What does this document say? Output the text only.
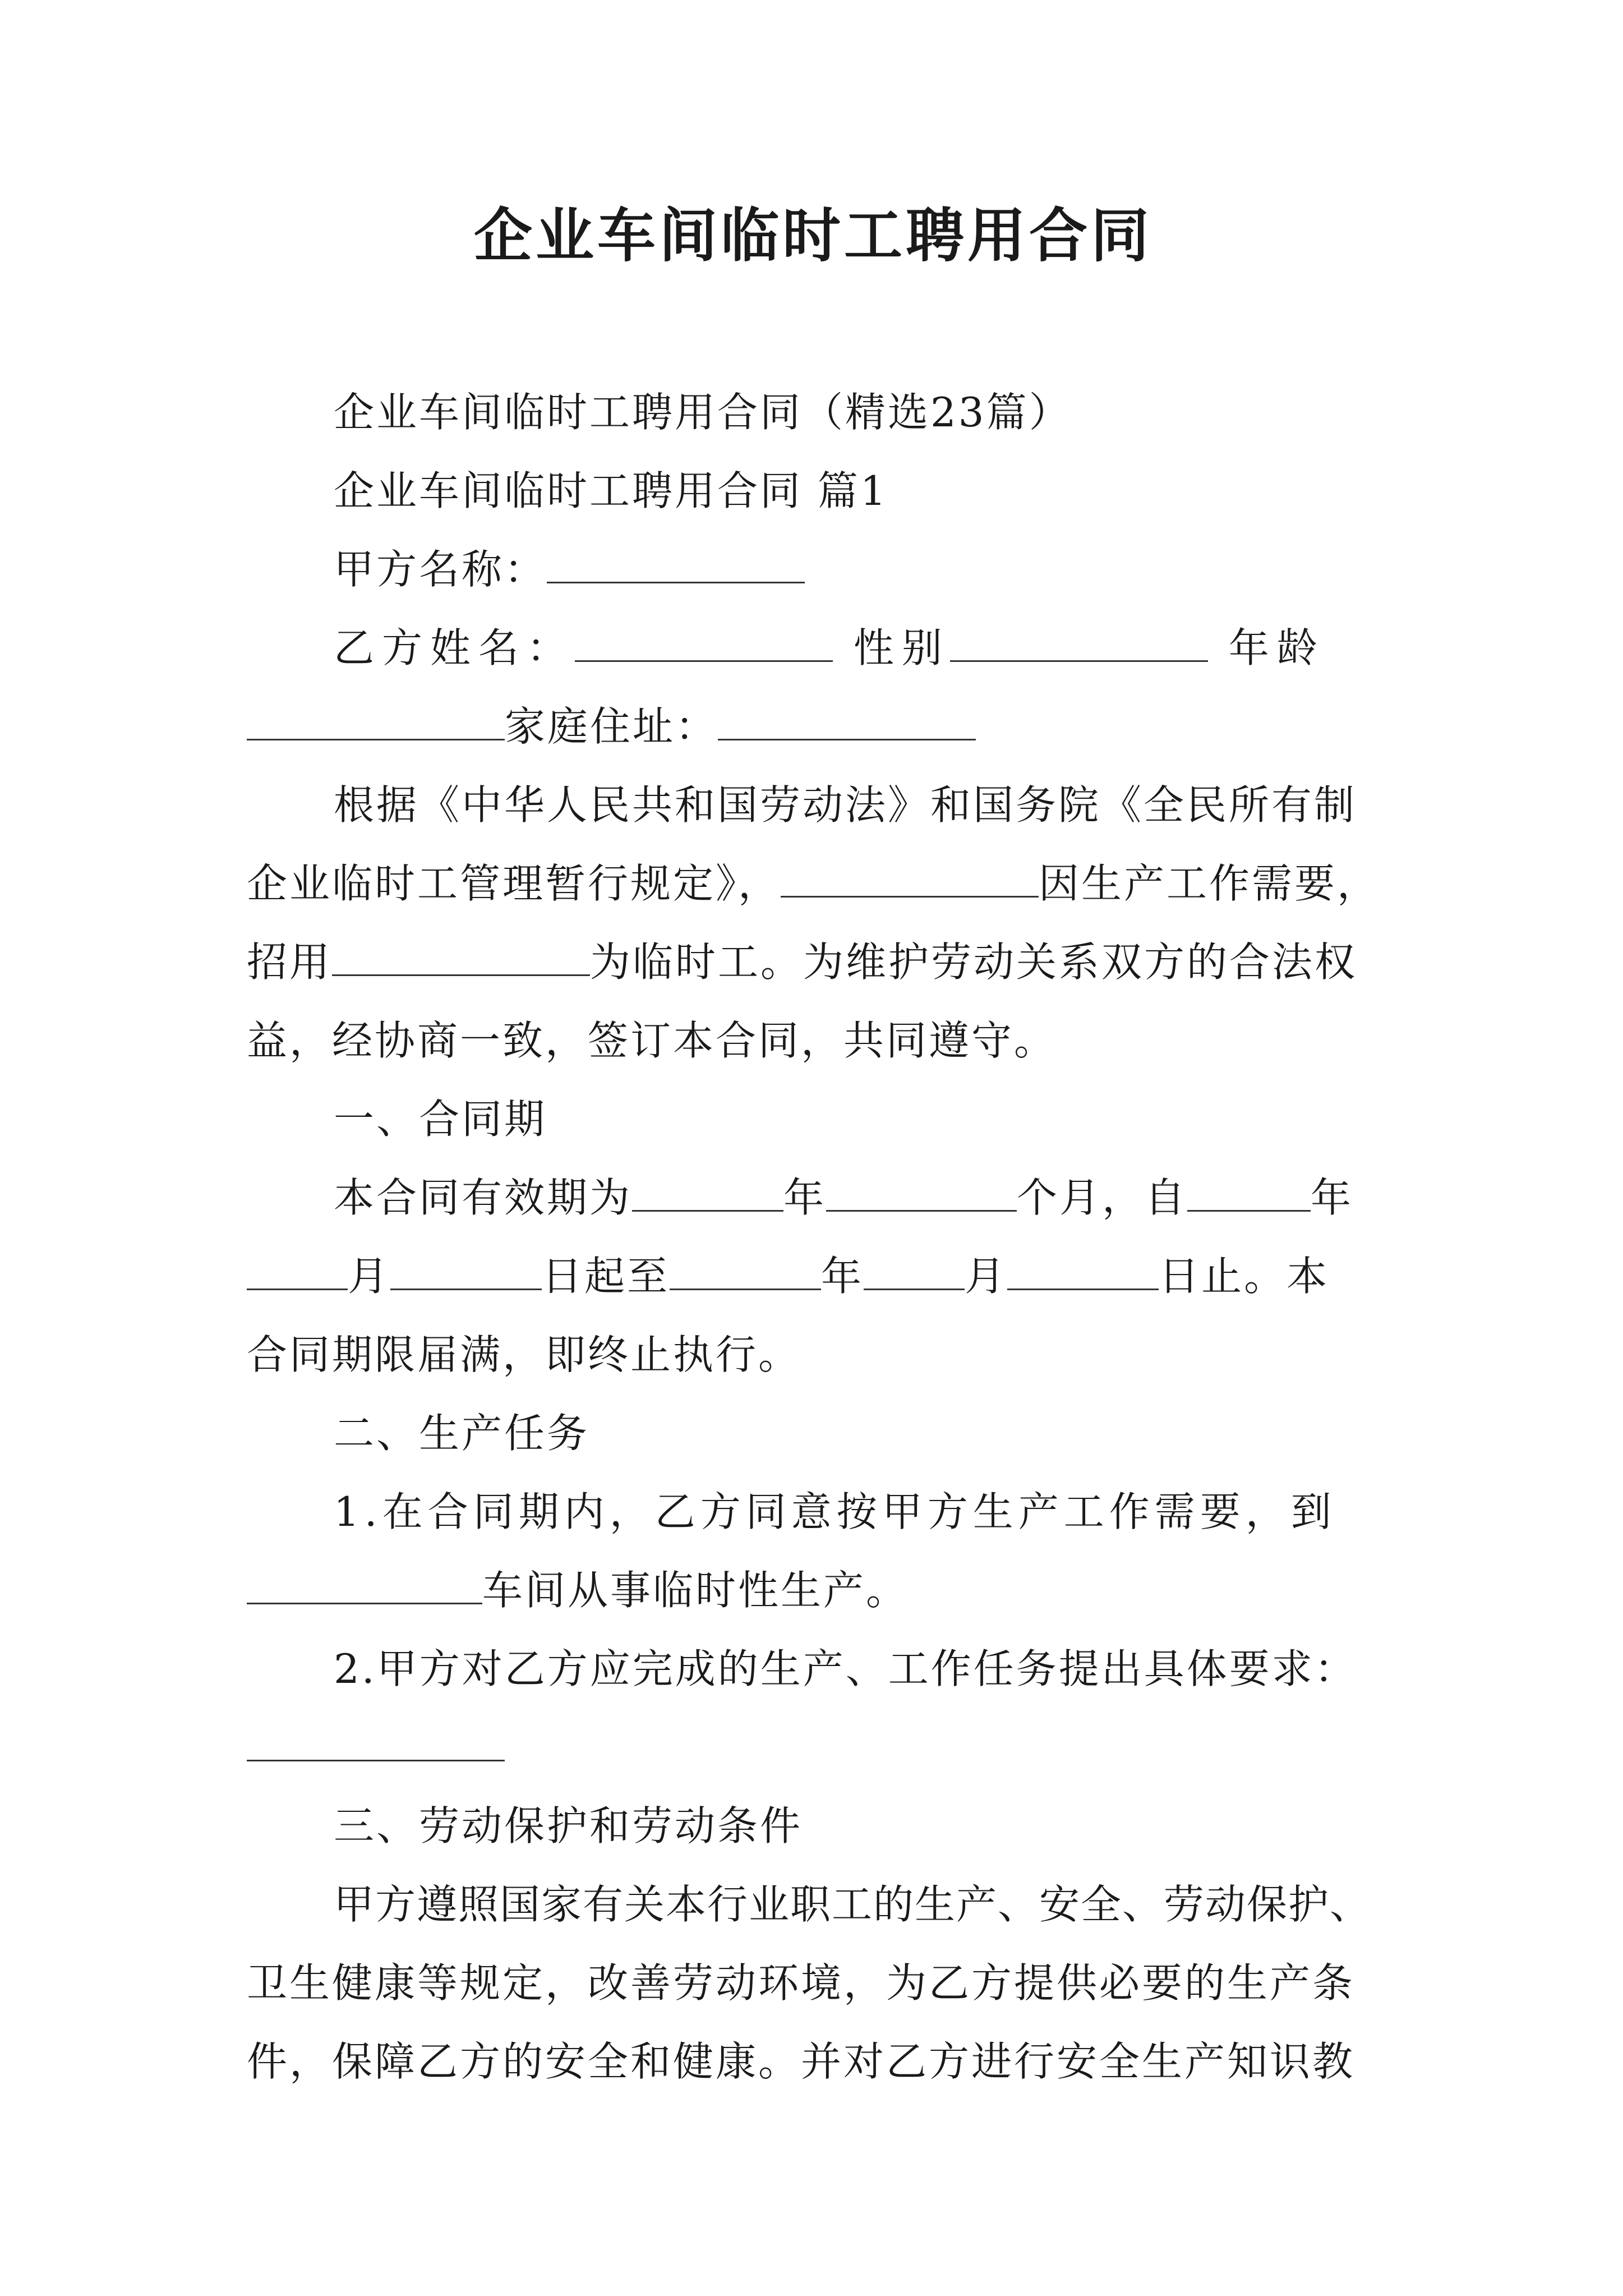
企业车间临时工聘用合同
企业车间临时工聘用合同（精选23篇）
企业车间临时工聘用合同 篇1
甲方名称：
乙方姓名：	性别	年龄
家庭住址：
根据《中华人民共和国劳动法》和国务院《全民所有制
企业临时工管理暂行规定》，	因生产工作需要，
招用	为临时工。为维护劳动关系双方的合法权
益，经协商一致，签订本合同，共同遵守。
一、合同期
本合同有效期为	年	个月，自	年
月	日起至	年	月	日止。本
合同期限届满，即终止执行。
二、生产任务
1.在合同期内，乙方同意按甲方生产工作需要，到
车间从事临时性生产。
2.甲方对乙方应完成的生产、工作任务提出具体要求：
三、劳动保护和劳动条件
甲方遵照国家有关本行业职工的生产、安全、劳动保护、
卫生健康等规定，改善劳动环境，为乙方提供必要的生产条
件，保障乙方的安全和健康。并对乙方进行安全生产知识教
